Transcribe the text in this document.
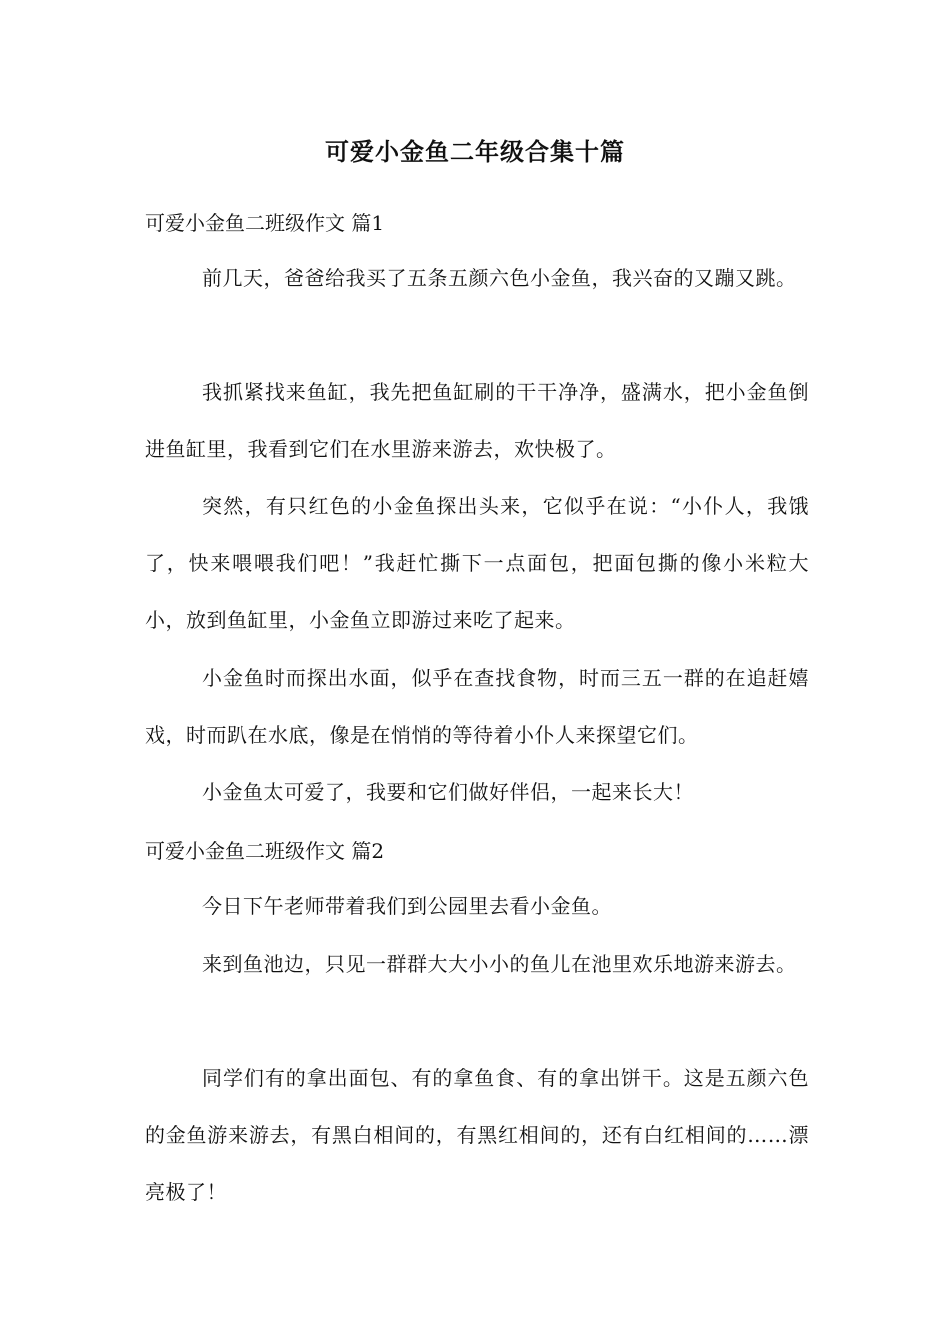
可爱小金鱼二年级合集十篇
可爱小金鱼二班级作文 篇1
前几天，爸爸给我买了五条五颜六色小金鱼，我兴奋的又蹦又跳。
我抓紧找来鱼缸，我先把鱼缸刷的干干净净，盛满水，把小金鱼倒进鱼缸里，我看到它们在水里游来游去，欢快极了。
突然，有只红色的小金鱼探出头来，它似乎在说：“小仆人，我饿了，快来喂喂我们吧！”我赶忙撕下一点面包，把面包撕的像小米粒大小，放到鱼缸里，小金鱼立即游过来吃了起来。
小金鱼时而探出水面，似乎在查找食物，时而三五一群的在追赶嬉戏，时而趴在水底，像是在悄悄的等待着小仆人来探望它们。
小金鱼太可爱了，我要和它们做好伴侣，一起来长大！
可爱小金鱼二班级作文 篇2
今日下午老师带着我们到公园里去看小金鱼。
来到鱼池边，只见一群群大大小小的鱼儿在池里欢乐地游来游去。
同学们有的拿出面包、有的拿鱼食、有的拿出饼干。这是五颜六色的金鱼游来游去，有黑白相间的，有黑红相间的，还有白红相间的……漂亮极了！
